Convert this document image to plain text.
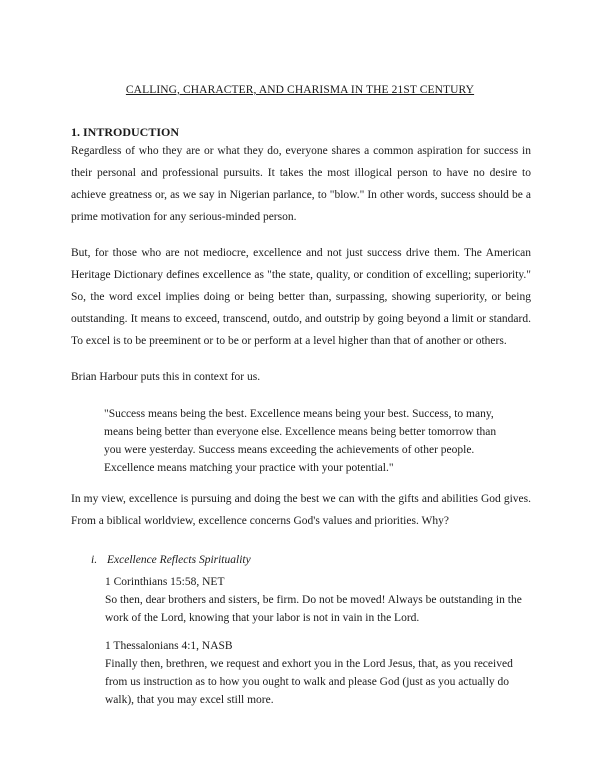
CALLING, CHARACTER, AND CHARISMA IN THE 21ST CENTURY
1. INTRODUCTION

Regardless of who they are or what they do, everyone shares a common aspiration for success in their personal and professional pursuits. It takes the most illogical person to have no desire to achieve greatness or, as we say in Nigerian parlance, to "blow." In other words, success should be a prime motivation for any serious-minded person.

But, for those who are not mediocre, excellence and not just success drive them. The American Heritage Dictionary defines excellence as "the state, quality, or condition of excelling; superiority." So, the word excel implies doing or being better than, surpassing, showing superiority, or being outstanding. It means to exceed, transcend, outdo, and outstrip by going beyond a limit or standard. To excel is to be preeminent or to be or perform at a level higher than that of another or others.

Brian Harbour puts this in context for us.

"Success means being the best. Excellence means being your best. Success, to many, means being better than everyone else. Excellence means being better tomorrow than you were yesterday. Success means exceeding the achievements of other people. Excellence means matching your practice with your potential."

In my view, excellence is pursuing and doing the best we can with the gifts and abilities God gives. From a biblical worldview, excellence concerns God's values and priorities. Why?

i. Excellence Reflects Spirituality
1 Corinthians 15:58, NET

So then, dear brothers and sisters, be firm. Do not be moved! Always be outstanding in the work of the Lord, knowing that your labor is not in vain in the Lord.

1 Thessalonians 4:1, NASB

Finally then, brethren, we request and exhort you in the Lord Jesus, that, as you received from us instruction as to how you ought to walk and please God (just as you actually do walk), that you may excel still more.
